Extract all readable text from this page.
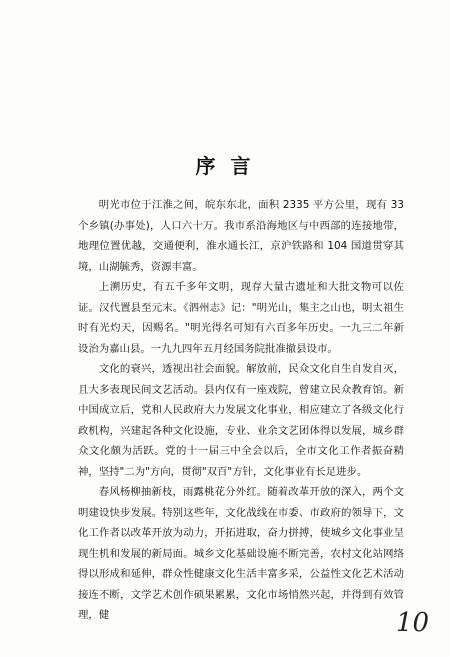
序 言

明光市位于江淮之间，皖东东北，面积 2335 平方公里，现有 33 个乡镇(办事处)，人口六十万。我市系沿海地区与中西部的连接地带，地理位置优越，交通便利，淮水通长江，京沪铁路和 104 国道贯穿其境，山湖毓秀，资源丰富。

上溯历史，有五千多年文明，现存大量古遗址和大批文物可以佐证。汉代置县至元末。《泗州志》记："明光山，集主之山也，明太祖生时有光灼天，因赐名。"明光得名可知有六百多年历史。一九三二年新设治为嘉山县。一九九四年五月经国务院批准撤县设市。

文化的衰兴，透视出社会面貌。解放前，民众文化自生自发自灭，且大多表现民间文艺活动。县内仅有一座戏院，曾建立民众教育馆。新中国成立后，党和人民政府大力发展文化事业，相应建立了各级文化行政机构，兴建起各种文化设施，专业、业余文艺团体得以发展，城乡群众文化颇为活跃。党的十一届三中全会以后，全市文化工作者振奋精神，坚持"二为"方向，贯彻"双百"方针，文化事业有长足进步。

春风杨柳抽新枝，雨露桃花分外红。随着改革开放的深入，两个文明建设快步发展。特别这些年，文化战线在市委、市政府的领导下，文化工作者以改革开放为动力，开拓进取，奋力拼搏，使城乡文化事业呈现生机和发展的新局面。城乡文化基础设施不断完善，农村文化站网络得以形成和延伸，群众性健康文化生活丰富多采，公益性文化艺术活动接连不断，文学艺术创作硕果累累，文化市场悄然兴起，并得到有效管理，健	10
